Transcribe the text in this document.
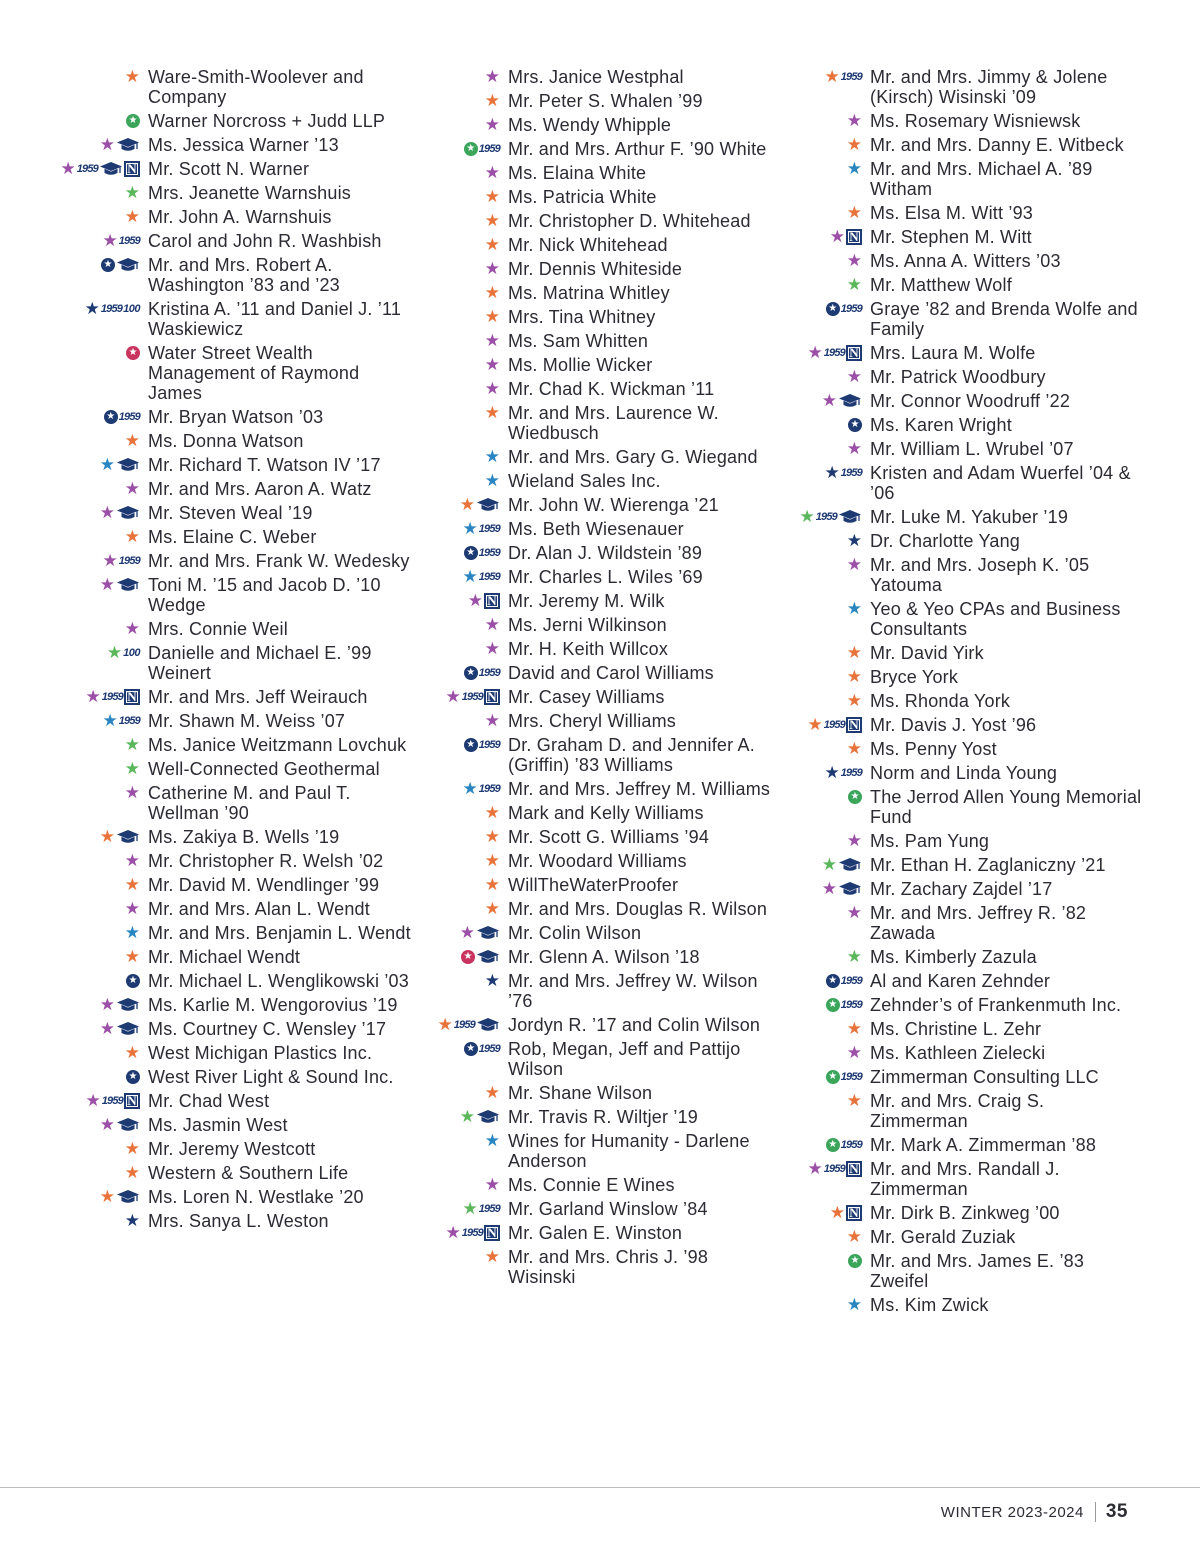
★ Ware-Smith-Woolever and Company
★ Warner Norcross + Judd LLP
★ Ms. Jessica Warner ’13
★ 1959 N Mr. Scott N. Warner
★ Mrs. Jeanette Warnshuis
★ Mr. John A. Warnshuis
★ 1959 Carol and John R. Washbish
★ Mr. and Mrs. Robert A. Washington ’83 and ’23
★ 1959 100 Kristina A. ’11 and Daniel J. ’11 Waskiewicz
★ Water Street Wealth Management of Raymond James
★ 1959 Mr. Bryan Watson ’03
★ Ms. Donna Watson
★ Mr. Richard T. Watson IV ’17
★ Mr. and Mrs. Aaron A. Watz
★ Mr. Steven Weal ’19
★ Ms. Elaine C. Weber
★ 1959 Mr. and Mrs. Frank W. Wedesky
★ Toni M. ’15 and Jacob D. ’10 Wedge
★ Mrs. Connie Weil
★ 100 Danielle and Michael E. ’99 Weinert
★ 1959 N Mr. and Mrs. Jeff Weirauch
★ 1959 Mr. Shawn M. Weiss ’07
★ Ms. Janice Weitzmann Lovchuk
★ Well-Connected Geothermal
★ Catherine M. and Paul T. Wellman ’90
★ Ms. Zakiya B. Wells ’19
★ Mr. Christopher R. Welsh ’02
★ Mr. David M. Wendlinger ’99
★ Mr. and Mrs. Alan L. Wendt
★ Mr. and Mrs. Benjamin L. Wendt
★ Mr. Michael Wendt
★ Mr. Michael L. Wenglikowski ’03
★ Ms. Karlie M. Wengorovius ’19
★ Ms. Courtney C. Wensley ’17
★ West Michigan Plastics Inc.
★ West River Light & Sound Inc.
★ 1959 N Mr. Chad West
★ Ms. Jasmin West
★ Mr. Jeremy Westcott
★ Western & Southern Life
★ Ms. Loren N. Westlake ’20
★ Mrs. Sanya L. Weston
★ Mrs. Janice Westphal
★ Mr. Peter S. Whalen ’99
★ Ms. Wendy Whipple
★ 1959 Mr. and Mrs. Arthur F. ’90 White
★ Ms. Elaina White
★ Ms. Patricia White
★ Mr. Christopher D. Whitehead
★ Mr. Nick Whitehead
★ Mr. Dennis Whiteside
★ Ms. Matrina Whitley
★ Mrs. Tina Whitney
★ Ms. Sam Whitten
★ Ms. Mollie Wicker
★ Mr. Chad K. Wickman ’11
★ Mr. and Mrs. Laurence W. Wiedbusch
★ Mr. and Mrs. Gary G. Wiegand
★ Wieland Sales Inc.
★ Mr. John W. Wierenga ’21
★ 1959 Ms. Beth Wiesenauer
★ 1959 Dr. Alan J. Wildstein ’89
★ 1959 Mr. Charles L. Wiles ’69
★ N Mr. Jeremy M. Wilk
★ Ms. Jerni Wilkinson
★ Mr. H. Keith Willcox
★ 1959 David and Carol Williams
★ 1959 N Mr. Casey Williams
★ Mrs. Cheryl Williams
★ 1959 Dr. Graham D. and Jennifer A. (Griffin) ’83 Williams
★ 1959 Mr. and Mrs. Jeffrey M. Williams
★ Mark and Kelly Williams
★ Mr. Scott G. Williams ’94
★ Mr. Woodard Williams
★ WillTheWaterProofer
★ Mr. and Mrs. Douglas R. Wilson
★ Mr. Colin Wilson
★ Mr. Glenn A. Wilson ’18
★ Mr. and Mrs. Jeffrey W. Wilson ’76
★ 1959 Jordyn R. ’17 and Colin Wilson
★ 1959 Rob, Megan, Jeff and Pattijo Wilson
★ Mr. Shane Wilson
★ Mr. Travis R. Wiltjer ’19
★ Wines for Humanity - Darlene Anderson
★ Ms. Connie E Wines
★ 1959 Mr. Garland Winslow ’84
★ 1959 N Mr. Galen E. Winston
★ Mr. and Mrs. Chris J. ’98 Wisinski
★ 1959 Mr. and Mrs. Jimmy & Jolene (Kirsch) Wisinski ’09
★ Ms. Rosemary Wisniewsk
★ Mr. and Mrs. Danny E. Witbeck
★ Mr. and Mrs. Michael A. ’89 Witham
★ Ms. Elsa M. Witt ’93
★ N Mr. Stephen M. Witt
★ Ms. Anna A. Witters ’03
★ Mr. Matthew Wolf
★ 1959 Graye ’82 and Brenda Wolfe and Family
★ 1959 N Mrs. Laura M. Wolfe
★ Mr. Patrick Woodbury
★ Mr. Connor Woodruff ’22
★ Ms. Karen Wright
★ Mr. William L. Wrubel ’07
★ 1959 Kristen and Adam Wuerfel ’04 & ’06
★ 1959 Mr. Luke M. Yakuber ’19
★ Dr. Charlotte Yang
★ Mr. and Mrs. Joseph K. ’05 Yatouma
★ Yeo & Yeo CPAs and Business Consultants
★ Mr. David Yirk
★ Bryce York
★ Ms. Rhonda York
★ 1959 N Mr. Davis J. Yost ’96
★ Ms. Penny Yost
★ 1959 Norm and Linda Young
★ The Jerrod Allen Young Memorial Fund
★ Ms. Pam Yung
★ Mr. Ethan H. Zaglaniczny ’21
★ Mr. Zachary Zajdel ’17
★ Mr. and Mrs. Jeffrey R. ’82 Zawada
★ Ms. Kimberly Zazula
★ 1959 Al and Karen Zehnder
★ 1959 Zehnder’s of Frankenmuth Inc.
★ Ms. Christine L. Zehr
★ Ms. Kathleen Zielecki
★ 1959 Zimmerman Consulting LLC
★ Mr. and Mrs. Craig S. Zimmerman
★ 1959 Mr. Mark A. Zimmerman ’88
★ 1959 N Mr. and Mrs. Randall J. Zimmerman
★ N Mr. Dirk B. Zinkweg ’00
★ Mr. Gerald Zuziak
★ Mr. and Mrs. James E. ’83 Zweifel
★ Ms. Kim Zwick
WINTER 2023-2024 35
